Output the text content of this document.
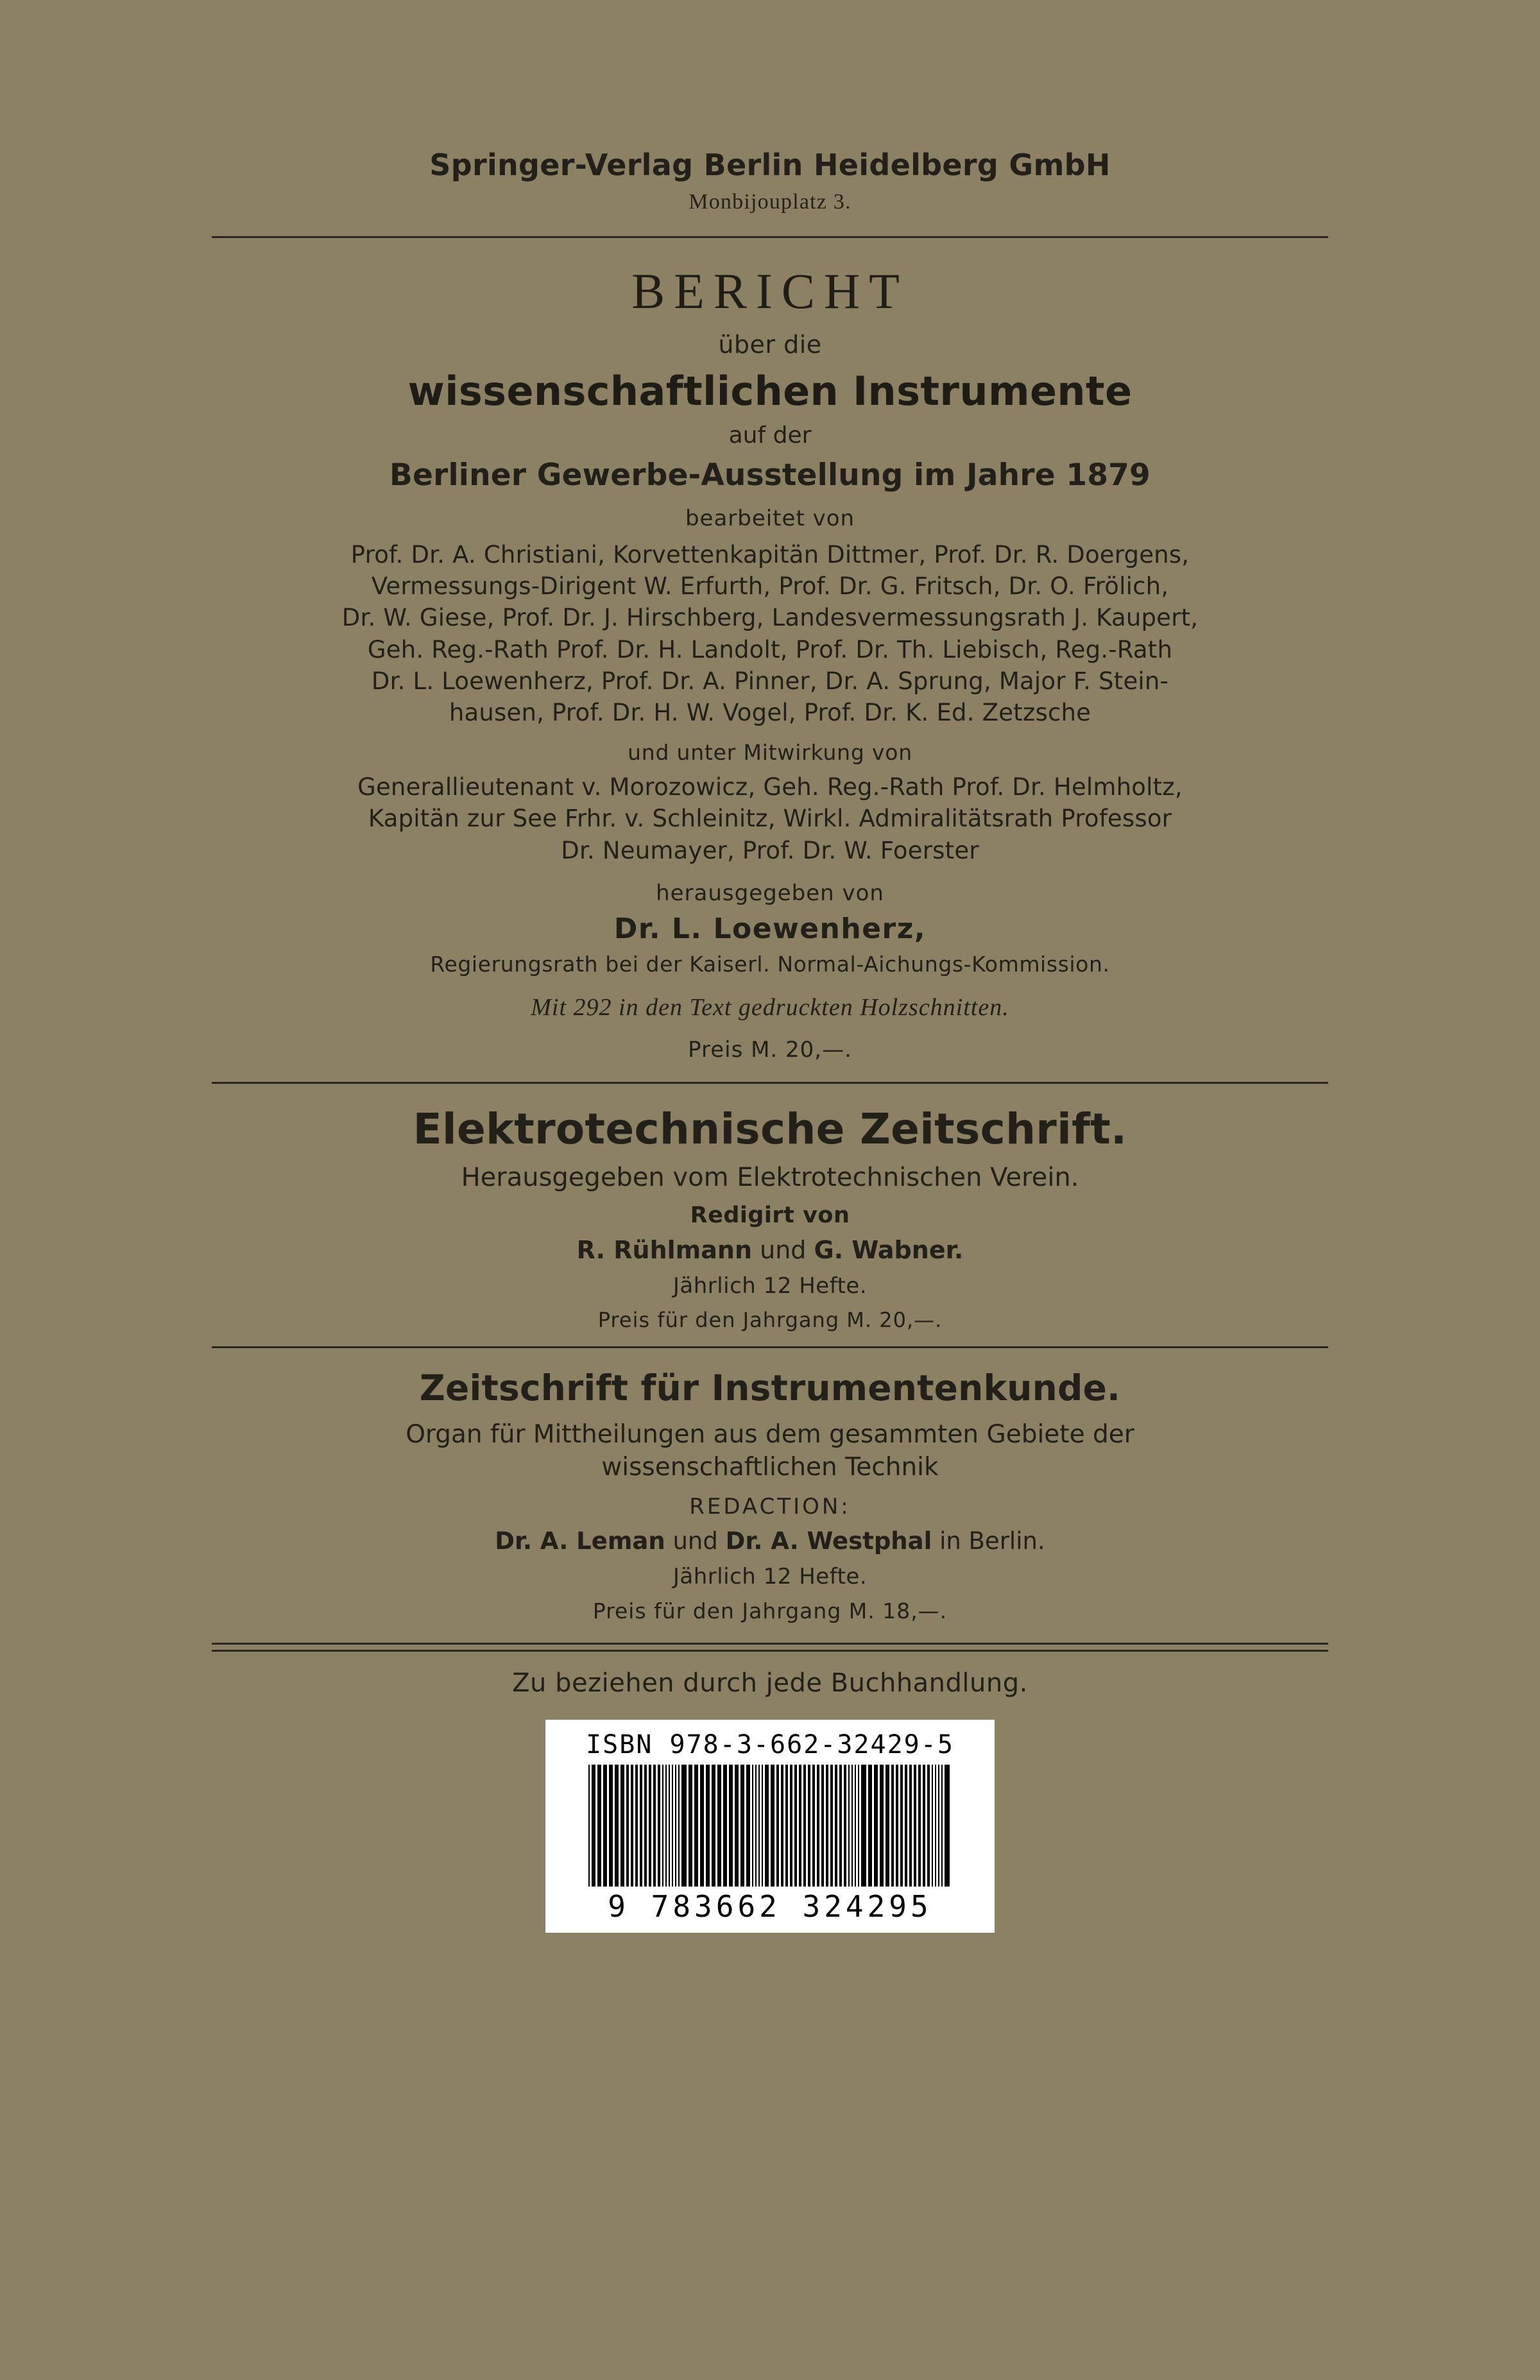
Springer-Verlag Berlin Heidelberg GmbH
Monbijouplatz 3.
BERICHT
über die
wissenschaftlichen Instrumente
auf der
Berliner Gewerbe-Ausstellung im Jahre 1879
bearbeitet von
Prof. Dr. A. Christiani, Korvettenkapitän Dittmer, Prof. Dr. R. Doergens,
Vermessungs-Dirigent W. Erfurth, Prof. Dr. G. Fritsch, Dr. O. Frölich,
Dr. W. Giese, Prof. Dr. J. Hirschberg, Landesvermessungsrath J. Kaupert,
Geh. Reg.-Rath Prof. Dr. H. Landolt, Prof. Dr. Th. Liebisch, Reg.-Rath
Dr. L. Loewenherz, Prof. Dr. A. Pinner, Dr. A. Sprung, Major F. Stein-
hausen, Prof. Dr. H. W. Vogel, Prof. Dr. K. Ed. Zetzsche
und unter Mitwirkung von
Generallieutenant v. Morozowicz, Geh. Reg.-Rath Prof. Dr. Helmholtz,
Kapitän zur See Frhr. v. Schleinitz, Wirkl. Admiralitätsrath Professor
Dr. Neumayer, Prof. Dr. W. Foerster
herausgegeben von
Dr. L. Loewenherz,
Regierungsrath bei der Kaiserl. Normal-Aichungs-Kommission.
Mit 292 in den Text gedruckten Holzschnitten.
Preis M. 20,—.
Elektrotechnische Zeitschrift.
Herausgegeben vom Elektrotechnischen Verein.
Redigirt von
R. Rühlmann und G. Wabner.
Jährlich 12 Hefte.
Preis für den Jahrgang M. 20,—.
Zeitschrift für Instrumentenkunde.
Organ für Mittheilungen aus dem gesammten Gebiete der
wissenschaftlichen Technik
REDACTION:
Dr. A. Leman und Dr. A. Westphal in Berlin.
Jährlich 12 Hefte.
Preis für den Jahrgang M. 18,—.
Zu beziehen durch jede Buchhandlung.
ISBN 978-3-662-32429-5
9 783662 324295
